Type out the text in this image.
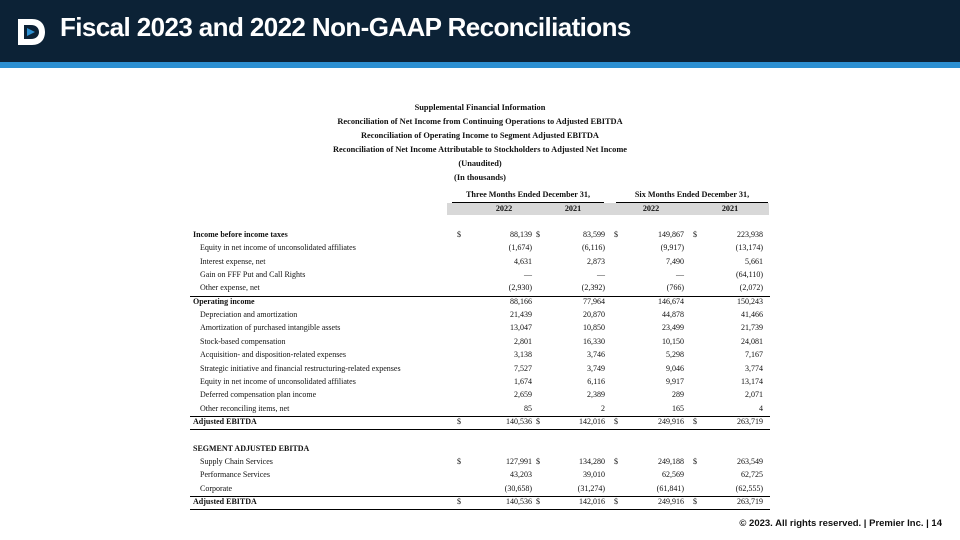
Fiscal 2023 and 2022 Non-GAAP Reconciliations
Supplemental Financial Information
Reconciliation of Net Income from Continuing Operations to Adjusted EBITDA
Reconciliation of Operating Income to Segment Adjusted EBITDA
Reconciliation of Net Income Attributable to Stockholders to Adjusted Net Income
(Unaudited)
(In thousands)
Three Months Ended December 31,	Six Months Ended December 31,
2022	2021	2022	2021
Income before income taxes	$	88,139 $	83,599 $	149,867 $	223,938
Equity in net income of unconsolidated affiliates	(1,674)	(6,116)	(9,917)	(13,174)
Interest expense, net	4,631	2,873	7,490	5,661
Gain on FFF Put and Call Rights	—	—	—	(64,110)
Other expense, net	(2,930)	(2,392)	(766)	(2,072)
Operating income	88,166	77,964	146,674	150,243
Depreciation and amortization	21,439	20,870	44,878	41,466
Amortization of purchased intangible assets	13,047	10,850	23,499	21,739
Stock-based compensation	2,801	16,330	10,150	24,081
Acquisition- and disposition-related expenses	3,138	3,746	5,298	7,167
Strategic initiative and financial restructuring-related expenses	7,527	3,749	9,046	3,774
Equity in net income of unconsolidated affiliates	1,674	6,116	9,917	13,174
Deferred compensation plan income	2,659	2,389	289	2,071
Other reconciling items, net	85	2	165	4
Adjusted EBITDA	$	140,536 $	142,016 $	249,916 $	263,719
SEGMENT ADJUSTED EBITDA
Supply Chain Services	$	127,991 $	134,280 $	249,188 $	263,549
Performance Services	43,203	39,010	62,569	62,725
Corporate	(30,658)	(31,274)	(61,841)	(62,555)
Adjusted EBITDA	$	140,536 $	142,016 $	249,916 $	263,719
© 2023. All rights reserved. | Premier Inc. | 14
